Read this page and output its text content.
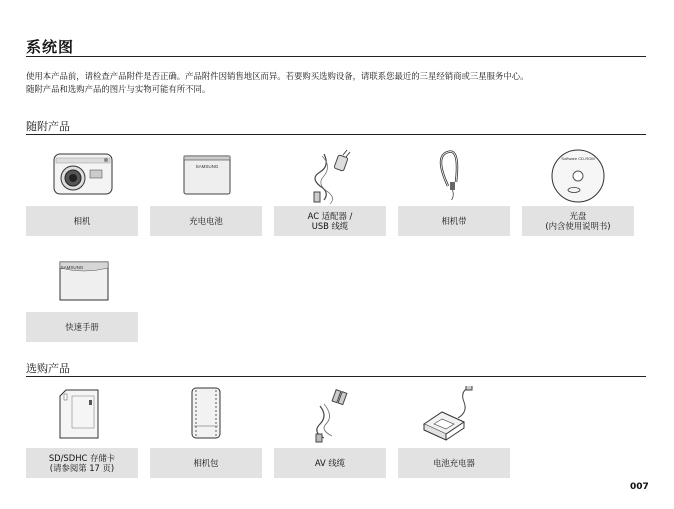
系统图
使用本产品前，请检查产品附件是否正确。产品附件因销售地区而异。若要购买选购设备，请联系您最近的三星经销商或三星服务中心。
随附产品和选购产品的图片与实物可能有所不同。
随附产品
相机
SAMSUNG
充电电池	AC 适配器 /
USB 线缆	相机带
Software CD-ROM
光盘
(内含使用说明书)
SAMSUNG
快速手册
选购产品
SD/SDHC 存储卡
(请参阅第 17 页)	相机包	AV 线缆	电池充电器
007
